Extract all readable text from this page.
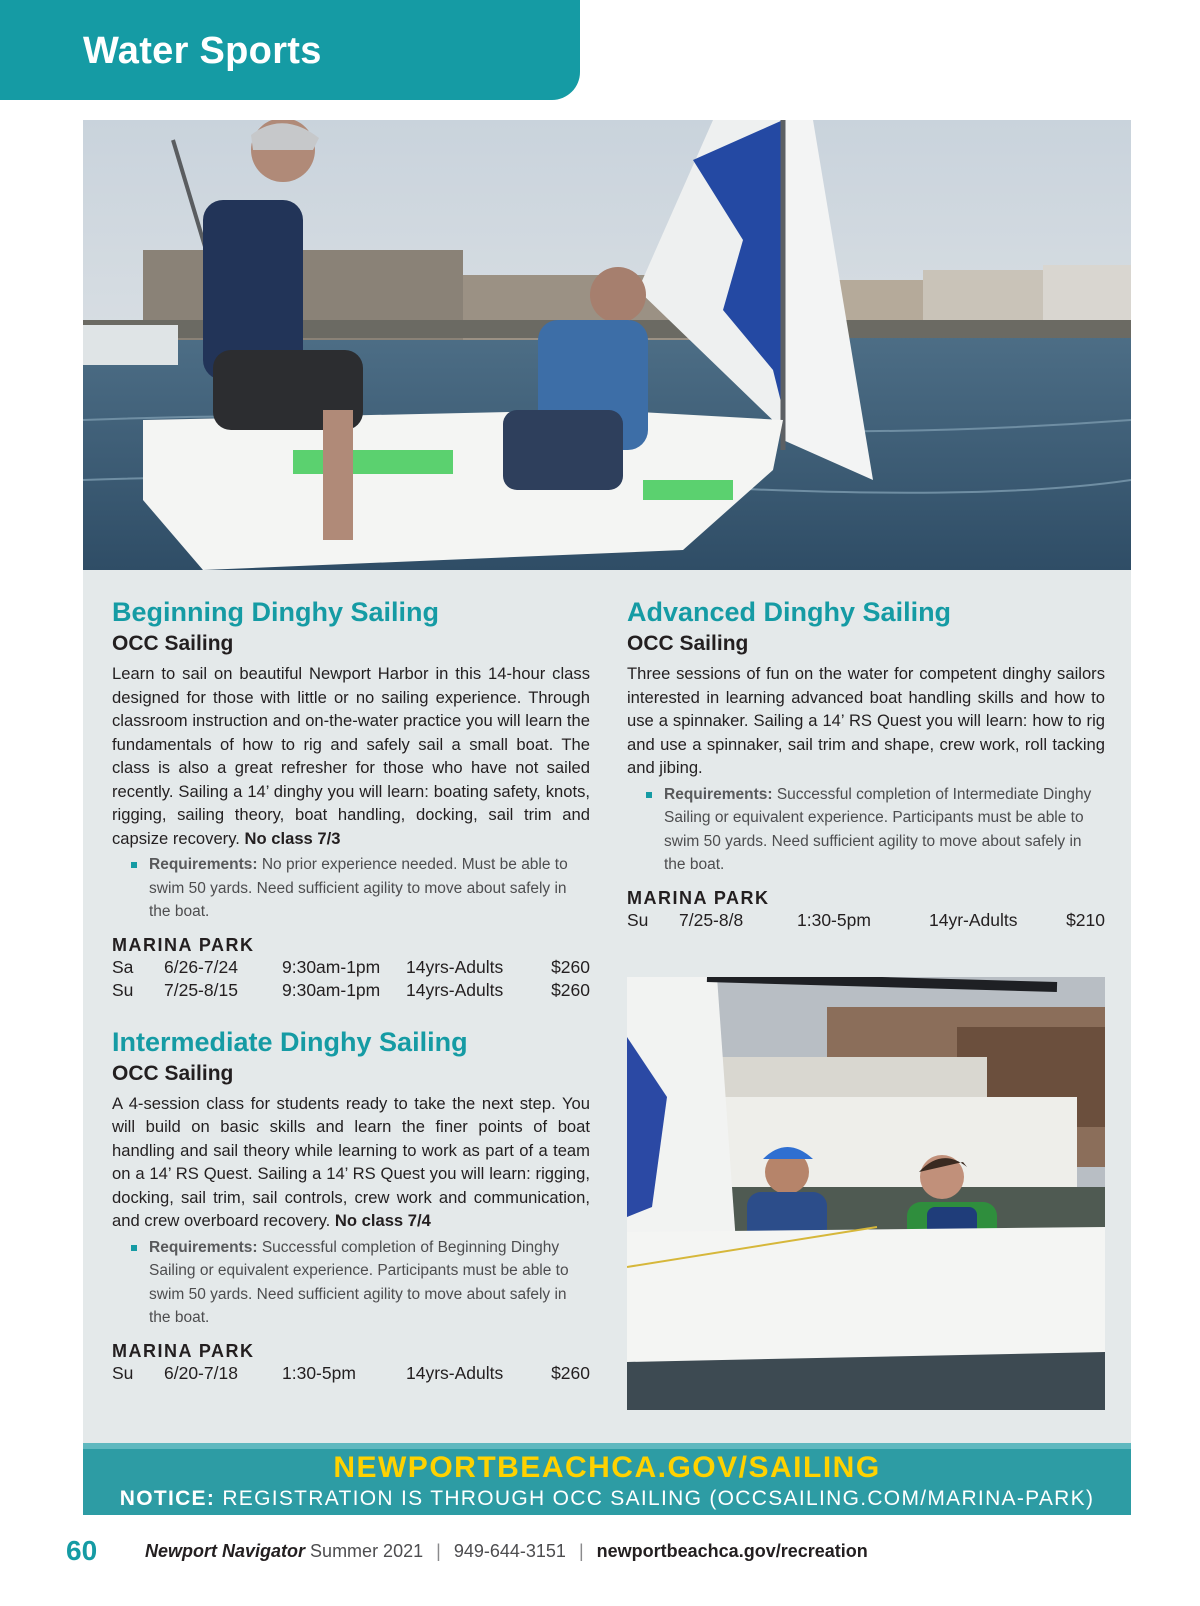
Water Sports
Beginning Dinghy Sailing
OCC Sailing

Learn to sail on beautiful Newport Harbor in this 14-hour class designed for those with little or no sailing experience. Through classroom instruction and on-the-water practice you will learn the fundamentals of how to rig and safely sail a small boat. The class is also a great refresher for those who have not sailed recently. Sailing a 14’ dinghy you will learn: boating safety, knots, rigging, sailing theory, boat handling, docking, sail trim and capsize recovery. No class 7/3

Requirements: No prior experience needed. Must be able to swim 50 yards. Need sufficient agility to move about safely in the boat.
MARINA PARK
Sa 6/26-7/24	9:30am-1pm 14yrs-Adults	$260
Su 7/25-8/15	9:30am-1pm 14yrs-Adults	$260
Intermediate Dinghy Sailing
OCC Sailing

A 4-session class for students ready to take the next step. You will build on basic skills and learn the finer points of boat handling and sail theory while learning to work as part of a team on a 14’ RS Quest. Sailing a 14’ RS Quest you will learn: rigging, docking, sail trim, sail controls, crew work and communication, and crew overboard recovery. No class 7/4

Requirements: Successful completion of Beginning Dinghy Sailing or equivalent experience. Participants must be able to swim 50 yards. Need sufficient agility to move about safely in the boat.
MARINA PARK
Su 6/20-7/18	1:30-5pm	14yrs-Adults	$260
Advanced Dinghy Sailing
OCC Sailing

Three sessions of fun on the water for competent dinghy sailors interested in learning advanced boat handling skills and how to use a spinnaker. Sailing a 14’ RS Quest you will learn: how to rig and use a spinnaker, sail trim and shape, crew work, roll tacking and jibing.

Requirements: Successful completion of Intermediate Dinghy Sailing or equivalent experience. Participants must be able to swim 50 yards. Need sufficient agility to move about safely in the boat.
MARINA PARK
Su 7/25-8/8	1:30-5pm	14yr-Adults	$210
NEWPORTBEACHCA.GOV/SAILING
NOTICE: REGISTRATION IS THROUGH OCC SAILING (OCCSAILING.COM/MARINA-PARK)
60	Newport Navigator Summer 2021 | 949-644-3151 | newportbeachca.gov/recreation
